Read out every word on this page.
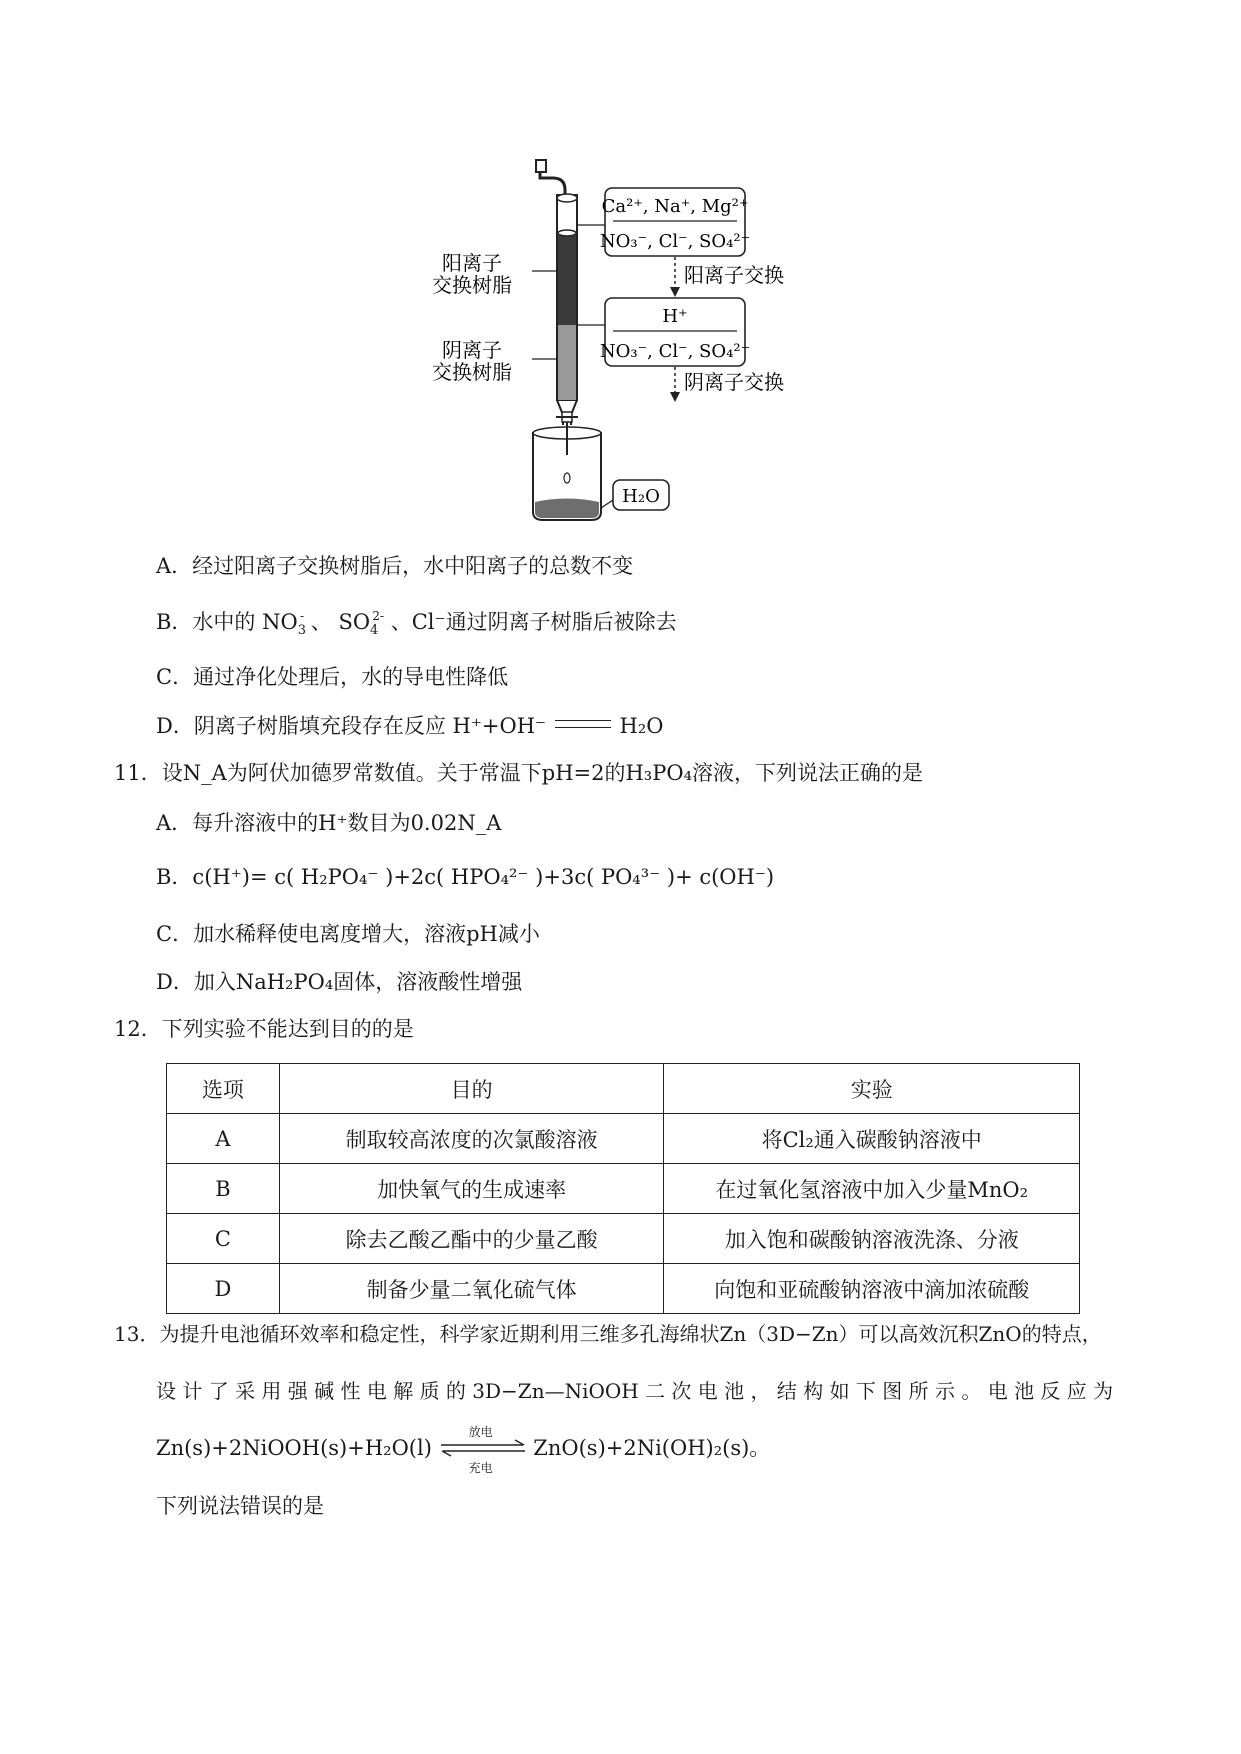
阳离子
交换树脂
阴离子
交换树脂
Ca²⁺, Na⁺, Mg²⁺
NO₃⁻, Cl⁻, SO₄²⁻
阳离子交换
H⁺
NO₃⁻, Cl⁻, SO₄²⁻
阴离子交换
H₂O
A．经过阳离子交换树脂后，水中阳离子的总数不变
B．水中的 $NO_3^-$ 、 $SO_4^{2-}$ 、Cl⁻通过阴离子树脂后被除去
C．通过净化处理后，水的导电性降低
D．阴离子树脂填充段存在反应 H⁺+OH⁻	H₂O
11．设N_A为阿伏加德罗常数值。关于常温下pH=2的H₃PO₄溶液，下列说法正确的是
A．每升溶液中的H⁺数目为0.02N_A
B．c(H⁺)= c( H₂PO₄⁻ )+2c( HPO₄²⁻ )+3c( PO₄³⁻ )+ c(OH⁻)
C．加水稀释使电离度增大，溶液pH减小
D．加入NaH₂PO₄固体，溶液酸性增强
12．下列实验不能达到目的的是
选项	目的	实验
A	制取较高浓度的次氯酸溶液	将Cl₂通入碳酸钠溶液中
B	加快氧气的生成速率	在过氧化氢溶液中加入少量MnO₂
C	除去乙酸乙酯中的少量乙酸	加入饱和碳酸钠溶液洗涤、分液
D	制备少量二氧化硫气体	向饱和亚硫酸钠溶液中滴加浓硫酸
13．为提升电池循环效率和稳定性，科学家近期利用三维多孔海绵状Zn（3D−Zn）可以高效沉积ZnO的特点，
设 计 了 采 用 强 碱 性 电 解 质 的 3D−Zn—NiOOH 二 次 电 池 ， 结 构 如 下 图 所 示 。 电 池 反 应 为
Zn(s)+2NiOOH(s)+H₂O(l)
放电
充电
ZnO(s)+2Ni(OH)₂(s)。
下列说法错误的是
